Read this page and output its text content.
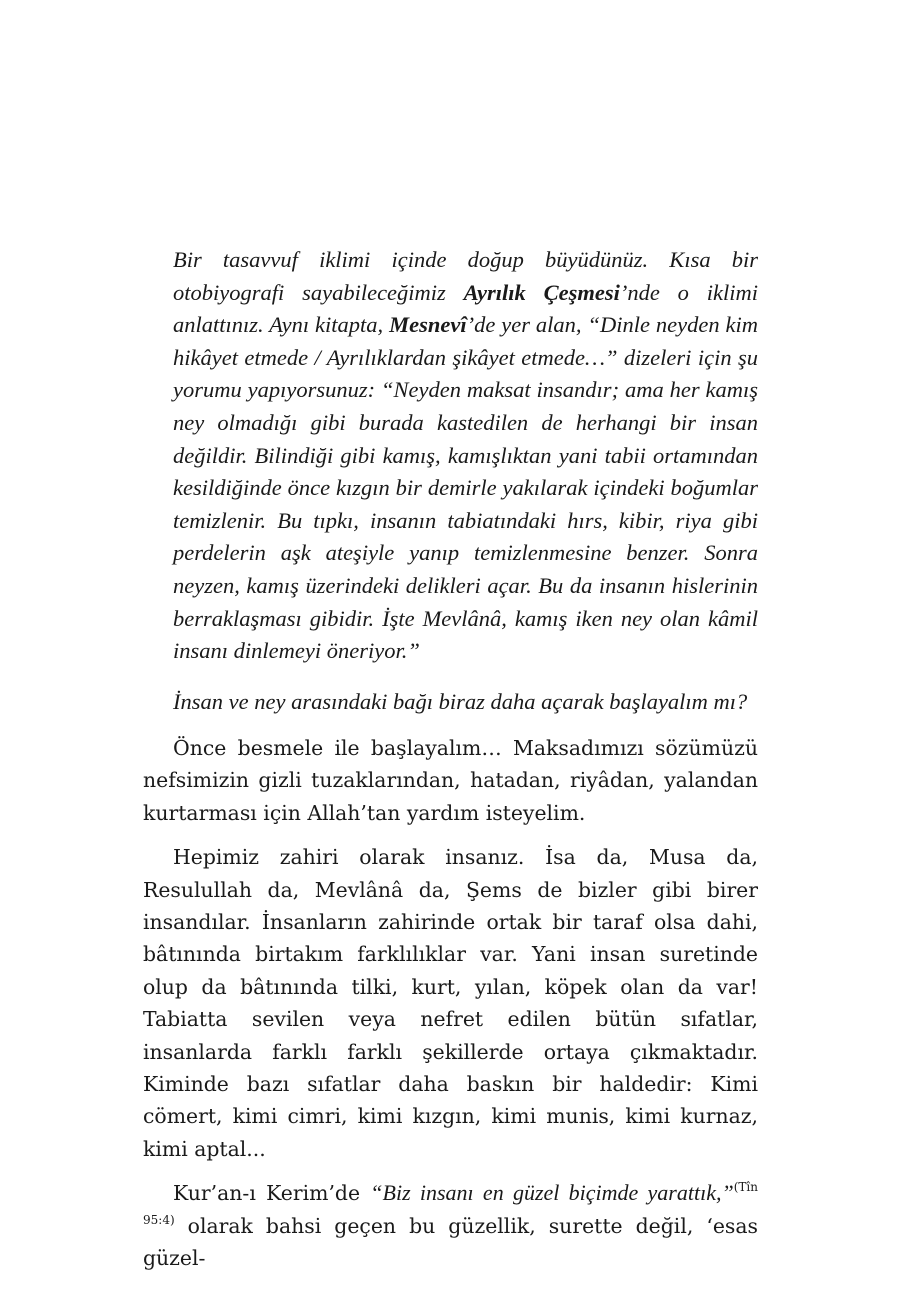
Bir tasavvuf iklimi içinde doğup büyüdünüz. Kısa bir otobiyografi sayabileceğimiz Ayrılık Çeşmesi’nde o iklimi anlattınız. Aynı kitapta, Mesnevî’de yer alan, “Dinle neyden kim hikâyet etmede / Ayrılıklardan şikâyet etmede…” dizeleri için şu yorumu yapıyorsunuz: “Neyden maksat insandır; ama her kamış ney olmadığı gibi burada kastedilen de herhangi bir insan değildir. Bilindiği gibi kamış, kamışlıktan yani tabii ortamından kesildiğinde önce kızgın bir demirle yakılarak içindeki boğumlar temizlenir. Bu tıpkı, insanın tabiatındaki hırs, kibir, riya gibi perdelerin aşk ateşiyle yanıp temizlenmesine benzer. Sonra neyzen, kamış üzerindeki delikleri açar. Bu da insanın hislerinin berraklaşması gibidir. İşte Mevlânâ, kamış iken ney olan kâmil insanı dinlemeyi öneriyor.”

İnsan ve ney arasındaki bağı biraz daha açarak başlayalım mı?

Önce besmele ile başlayalım… Maksadımızı sözümüzü nefsimizin gizli tuzaklarından, hatadan, riyâdan, yalandan kurtarması için Allah’tan yardım isteyelim.

Hepimiz zahiri olarak insanız. İsa da, Musa da, Resulullah da, Mevlânâ da, Şems de bizler gibi birer insandılar. İnsanların zahirinde ortak bir taraf olsa dahi, bâtınında birtakım farklılıklar var. Yani insan suretinde olup da bâtınında tilki, kurt, yılan, köpek olan da var! Tabiatta sevilen veya nefret edilen bütün sıfatlar, insanlarda farklı farklı şekillerde ortaya çıkmaktadır. Kiminde bazı sıfatlar daha baskın bir haldedir: Kimi cömert, kimi cimri, kimi kızgın, kimi munis, kimi kurnaz, kimi aptal...

Kur’an-ı Kerim’de “Biz insanı en güzel biçimde yarattık,”$^{(Tîn 95:4)}$ olarak bahsi geçen bu güzellik, surette değil, ‘esas güzel-
